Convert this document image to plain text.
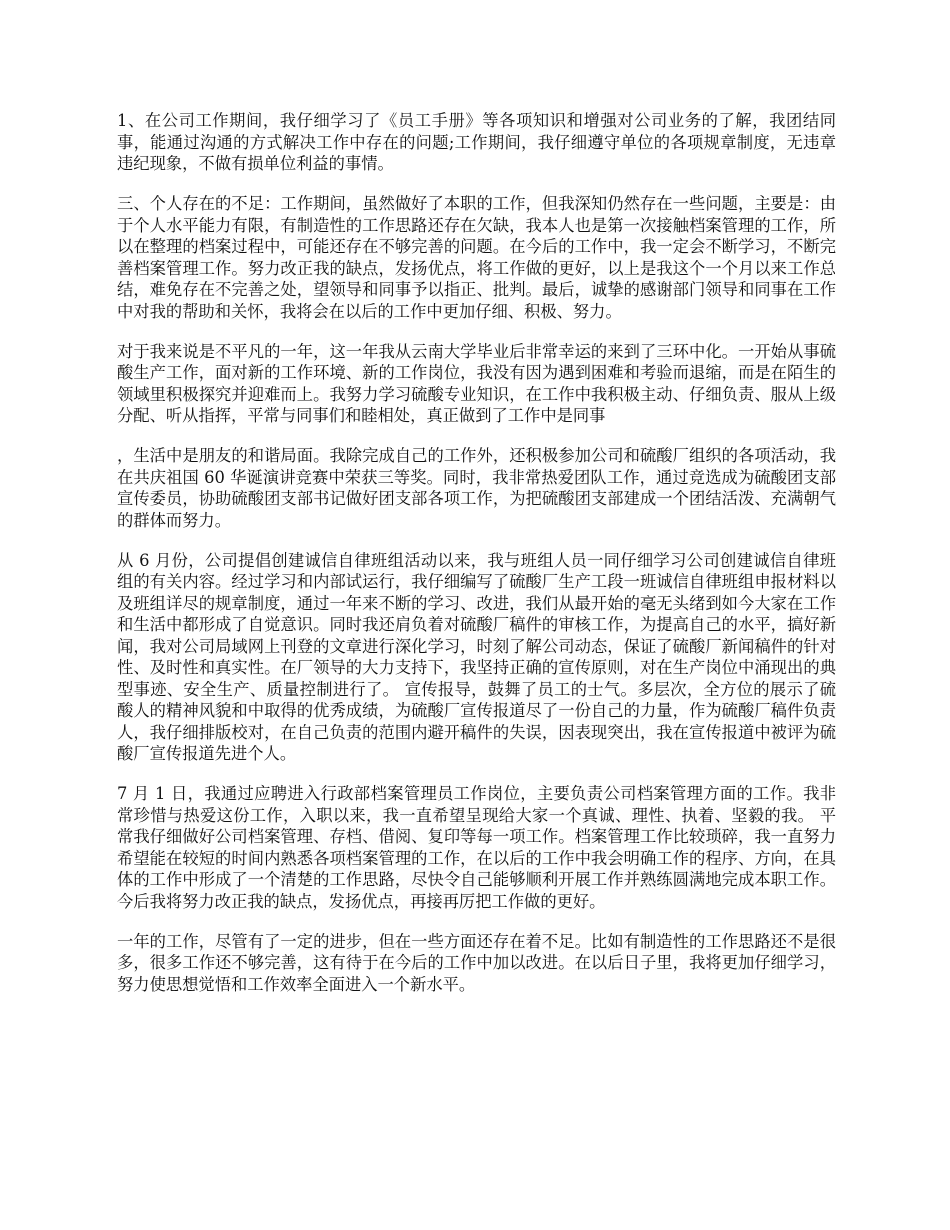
1、在公司工作期间，我仔细学习了《员工手册》等各项知识和增强对公司业务的了解，我团结同事，能通过沟通的方式解决工作中存在的问题;工作期间，我仔细遵守单位的各项规章制度，无违章违纪现象，不做有损单位利益的事情。

三、个人存在的不足：工作期间，虽然做好了本职的工作，但我深知仍然存在一些问题，主要是：由于个人水平能力有限，有制造性的工作思路还存在欠缺，我本人也是第一次接触档案管理的工作，所以在整理的档案过程中，可能还存在不够完善的问题。在今后的工作中，我一定会不断学习，不断完善档案管理工作。努力改正我的缺点，发扬优点，将工作做的更好，以上是我这个一个月以来工作总结，难免存在不完善之处，望领导和同事予以指正、批判。最后，诚挚的感谢部门领导和同事在工作中对我的帮助和关怀，我将会在以后的工作中更加仔细、积极、努力。

对于我来说是不平凡的一年，这一年我从云南大学毕业后非常幸运的来到了三环中化。一开始从事硫酸生产工作，面对新的工作环境、新的工作岗位，我没有因为遇到困难和考验而退缩，而是在陌生的领域里积极探究并迎难而上。我努力学习硫酸专业知识，在工作中我积极主动、仔细负责、服从上级分配、听从指挥，平常与同事们和睦相处，真正做到了工作中是同事

，生活中是朋友的和谐局面。我除完成自己的工作外，还积极参加公司和硫酸厂组织的各项活动，我在共庆祖国 60 华诞演讲竞赛中荣获三等奖。同时，我非常热爱团队工作，通过竞选成为硫酸团支部宣传委员，协助硫酸团支部书记做好团支部各项工作，为把硫酸团支部建成一个团结活泼、充满朝气的群体而努力。

从 6 月份，公司提倡创建诚信自律班组活动以来，我与班组人员一同仔细学习公司创建诚信自律班组的有关内容。经过学习和内部试运行，我仔细编写了硫酸厂生产工段一班诚信自律班组申报材料以及班组详尽的规章制度，通过一年来不断的学习、改进，我们从最开始的毫无头绪到如今大家在工作和生活中都形成了自觉意识。同时我还肩负着对硫酸厂稿件的审核工作，为提高自己的水平，搞好新闻，我对公司局域网上刊登的文章进行深化学习，时刻了解公司动态，保证了硫酸厂新闻稿件的针对性、及时性和真实性。在厂领导的大力支持下，我坚持正确的宣传原则，对在生产岗位中涌现出的典型事迹、安全生产、质量控制进行了。 宣传报导，鼓舞了员工的士气。多层次，全方位的展示了硫酸人的精神风貌和中取得的优秀成绩，为硫酸厂宣传报道尽了一份自己的力量，作为硫酸厂稿件负责人，我仔细排版校对，在自己负责的范围内避开稿件的失误，因表现突出，我在宣传报道中被评为硫酸厂宣传报道先进个人。

7 月 1 日，我通过应聘进入行政部档案管理员工作岗位，主要负责公司档案管理方面的工作。我非常珍惜与热爱这份工作，入职以来，我一直希望呈现给大家一个真诚、理性、执着、坚毅的我。 平常我仔细做好公司档案管理、存档、借阅、复印等每一项工作。档案管理工作比较琐碎，我一直努力希望能在较短的时间内熟悉各项档案管理的工作，在以后的工作中我会明确工作的程序、方向，在具体的工作中形成了一个清楚的工作思路，尽快令自己能够顺利开展工作并熟练圆满地完成本职工作。今后我将努力改正我的缺点，发扬优点，再接再厉把工作做的更好。

一年的工作，尽管有了一定的进步，但在一些方面还存在着不足。比如有制造性的工作思路还不是很多，很多工作还不够完善，这有待于在今后的工作中加以改进。在以后日子里，我将更加仔细学习，努力使思想觉悟和工作效率全面进入一个新水平。
